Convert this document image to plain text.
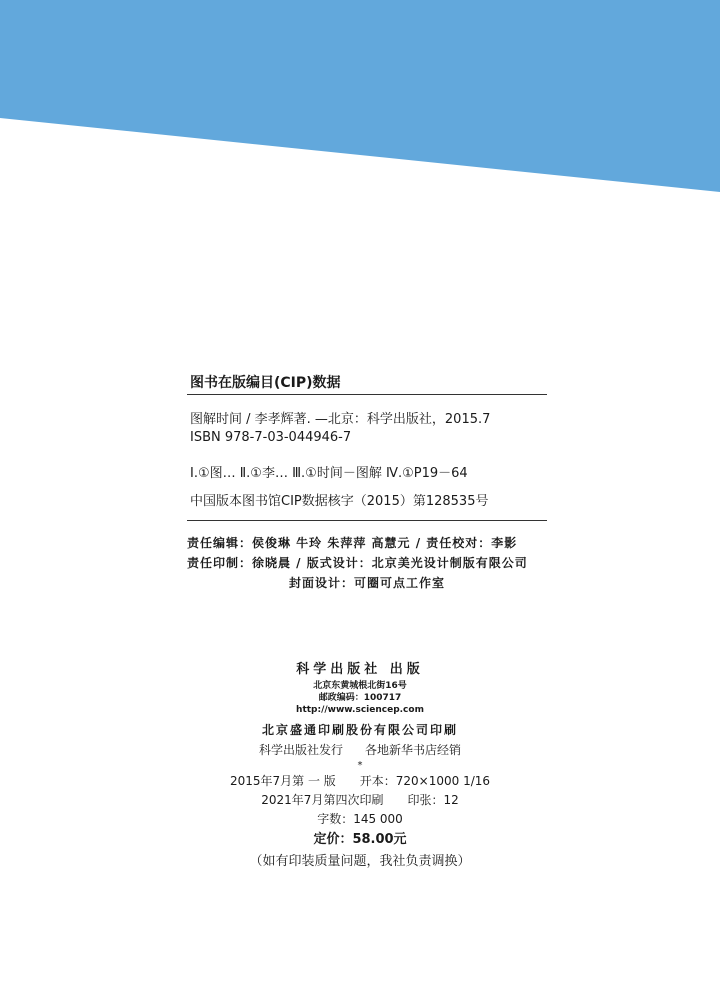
图书在版编目(CIP)数据
图解时间 / 李孝辉著. —北京：科学出版社，2015.7
ISBN 978-7-03-044946-7
Ⅰ.①图… Ⅱ.①李… Ⅲ.①时间－图解 Ⅳ.①P19－64
中国版本图书馆CIP数据核字（2015）第128535号
责任编辑：侯俊琳 牛玲 朱萍萍 高慧元 / 责任校对：李影
责任印制：徐晓晨 / 版式设计：北京美光设计制版有限公司
封面设计：可圈可点工作室
科学出版社 出版
北京东黄城根北街16号
邮政编码：100717
http://www.sciencep.com
北京盛通印刷股份有限公司印刷
科学出版社发行 各地新华书店经销
*
2015年7月第 一 版 开本：720×1000 1/16
2021年7月第四次印刷 印张：12
字数：145 000
定价：58.00元
（如有印装质量问题，我社负责调换）
